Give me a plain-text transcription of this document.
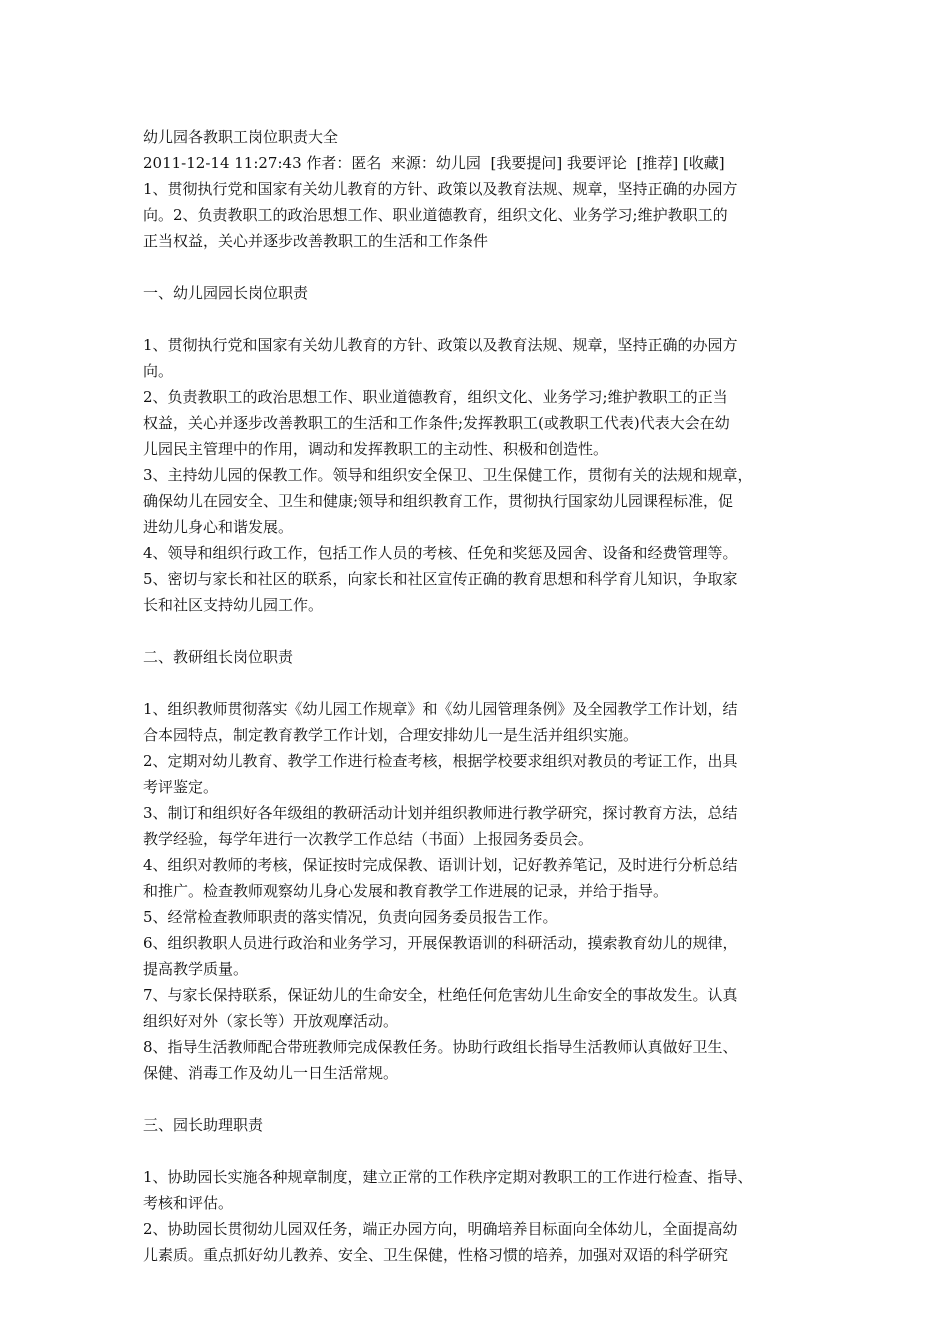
幼儿园各教职工岗位职责大全
2011-12-14 11:27:43 作者：匿名  来源：幼儿园  [我要提问] 我要评论  [推荐] [收藏]
1、贯彻执行党和国家有关幼儿教育的方针、政策以及教育法规、规章，坚持正确的办园方
向。2、负责教职工的政治思想工作、职业道德教育，组织文化、业务学习;维护教职工的
正当权益，关心并逐步改善教职工的生活和工作条件
一、幼儿园园长岗位职责
1、贯彻执行党和国家有关幼儿教育的方针、政策以及教育法规、规章，坚持正确的办园方
向。
2、负责教职工的政治思想工作、职业道德教育，组织文化、业务学习;维护教职工的正当
权益，关心并逐步改善教职工的生活和工作条件;发挥教职工(或教职工代表)代表大会在幼
儿园民主管理中的作用，调动和发挥教职工的主动性、积极和创造性。
3、主持幼儿园的保教工作。领导和组织安全保卫、卫生保健工作，贯彻有关的法规和规章，
确保幼儿在园安全、卫生和健康;领导和组织教育工作，贯彻执行国家幼儿园课程标准，促
进幼儿身心和谐发展。
4、领导和组织行政工作，包括工作人员的考核、任免和奖惩及园舍、设备和经费管理等。
5、密切与家长和社区的联系，向家长和社区宣传正确的教育思想和科学育儿知识，争取家
长和社区支持幼儿园工作。
二、教研组长岗位职责
1、组织教师贯彻落实《幼儿园工作规章》和《幼儿园管理条例》及全园教学工作计划，结
合本园特点，制定教育教学工作计划，合理安排幼儿一是生活并组织实施。
2、定期对幼儿教育、教学工作进行检查考核，根据学校要求组织对教员的考证工作，出具
考评鉴定。
3、制订和组织好各年级组的教研活动计划并组织教师进行教学研究，探讨教育方法，总结
教学经验，每学年进行一次教学工作总结（书面）上报园务委员会。
4、组织对教师的考核，保证按时完成保教、语训计划，记好教养笔记，及时进行分析总结
和推广。检查教师观察幼儿身心发展和教育教学工作进展的记录，并给于指导。
5、经常检查教师职责的落实情况，负责向园务委员报告工作。
6、组织教职人员进行政治和业务学习，开展保教语训的科研活动，摸索教育幼儿的规律，
提高教学质量。
7、与家长保持联系，保证幼儿的生命安全，杜绝任何危害幼儿生命安全的事故发生。认真
组织好对外（家长等）开放观摩活动。
8、指导生活教师配合带班教师完成保教任务。协助行政组长指导生活教师认真做好卫生、
保健、消毒工作及幼儿一日生活常规。
三、园长助理职责
1、协助园长实施各种规章制度，建立正常的工作秩序定期对教职工的工作进行检查、指导、
考核和评估。
2、协助园长贯彻幼儿园双任务，端正办园方向，明确培养目标面向全体幼儿，全面提高幼
儿素质。重点抓好幼儿教养、安全、卫生保健，性格习惯的培养，加强对双语的科学研究
